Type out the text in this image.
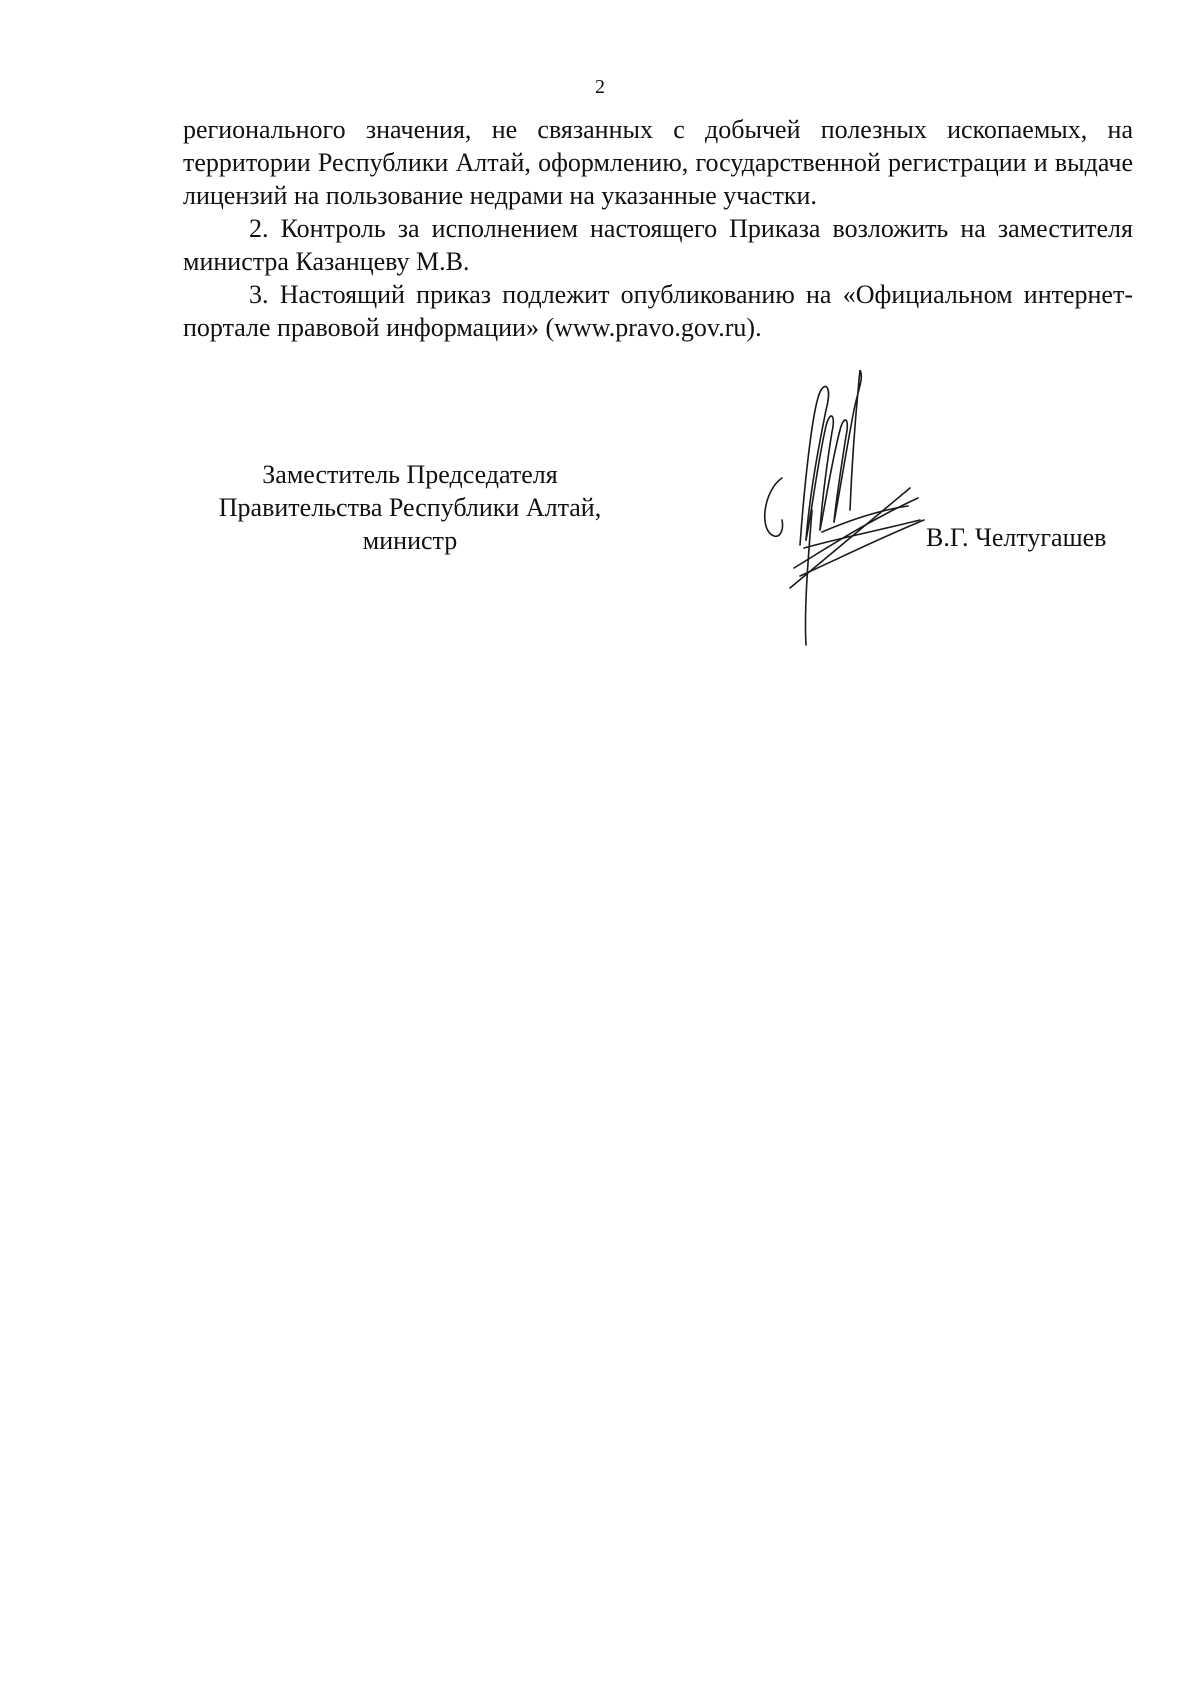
2

регионального значения, не связанных с добычей полезных ископаемых, на территории Республики Алтай, оформлению, государственной регистрации и выдаче лицензий на пользование недрами на указанные участки.

2. Контроль за исполнением настоящего Приказа возложить на заместителя министра Казанцеву М.В.

3. Настоящий приказ подлежит опубликованию на «Официальном интернет-портале правовой информации» (www.pravo.gov.ru).

Заместитель Председателя
Правительства Республики Алтай,
министр	В.Г. Челтугашев
